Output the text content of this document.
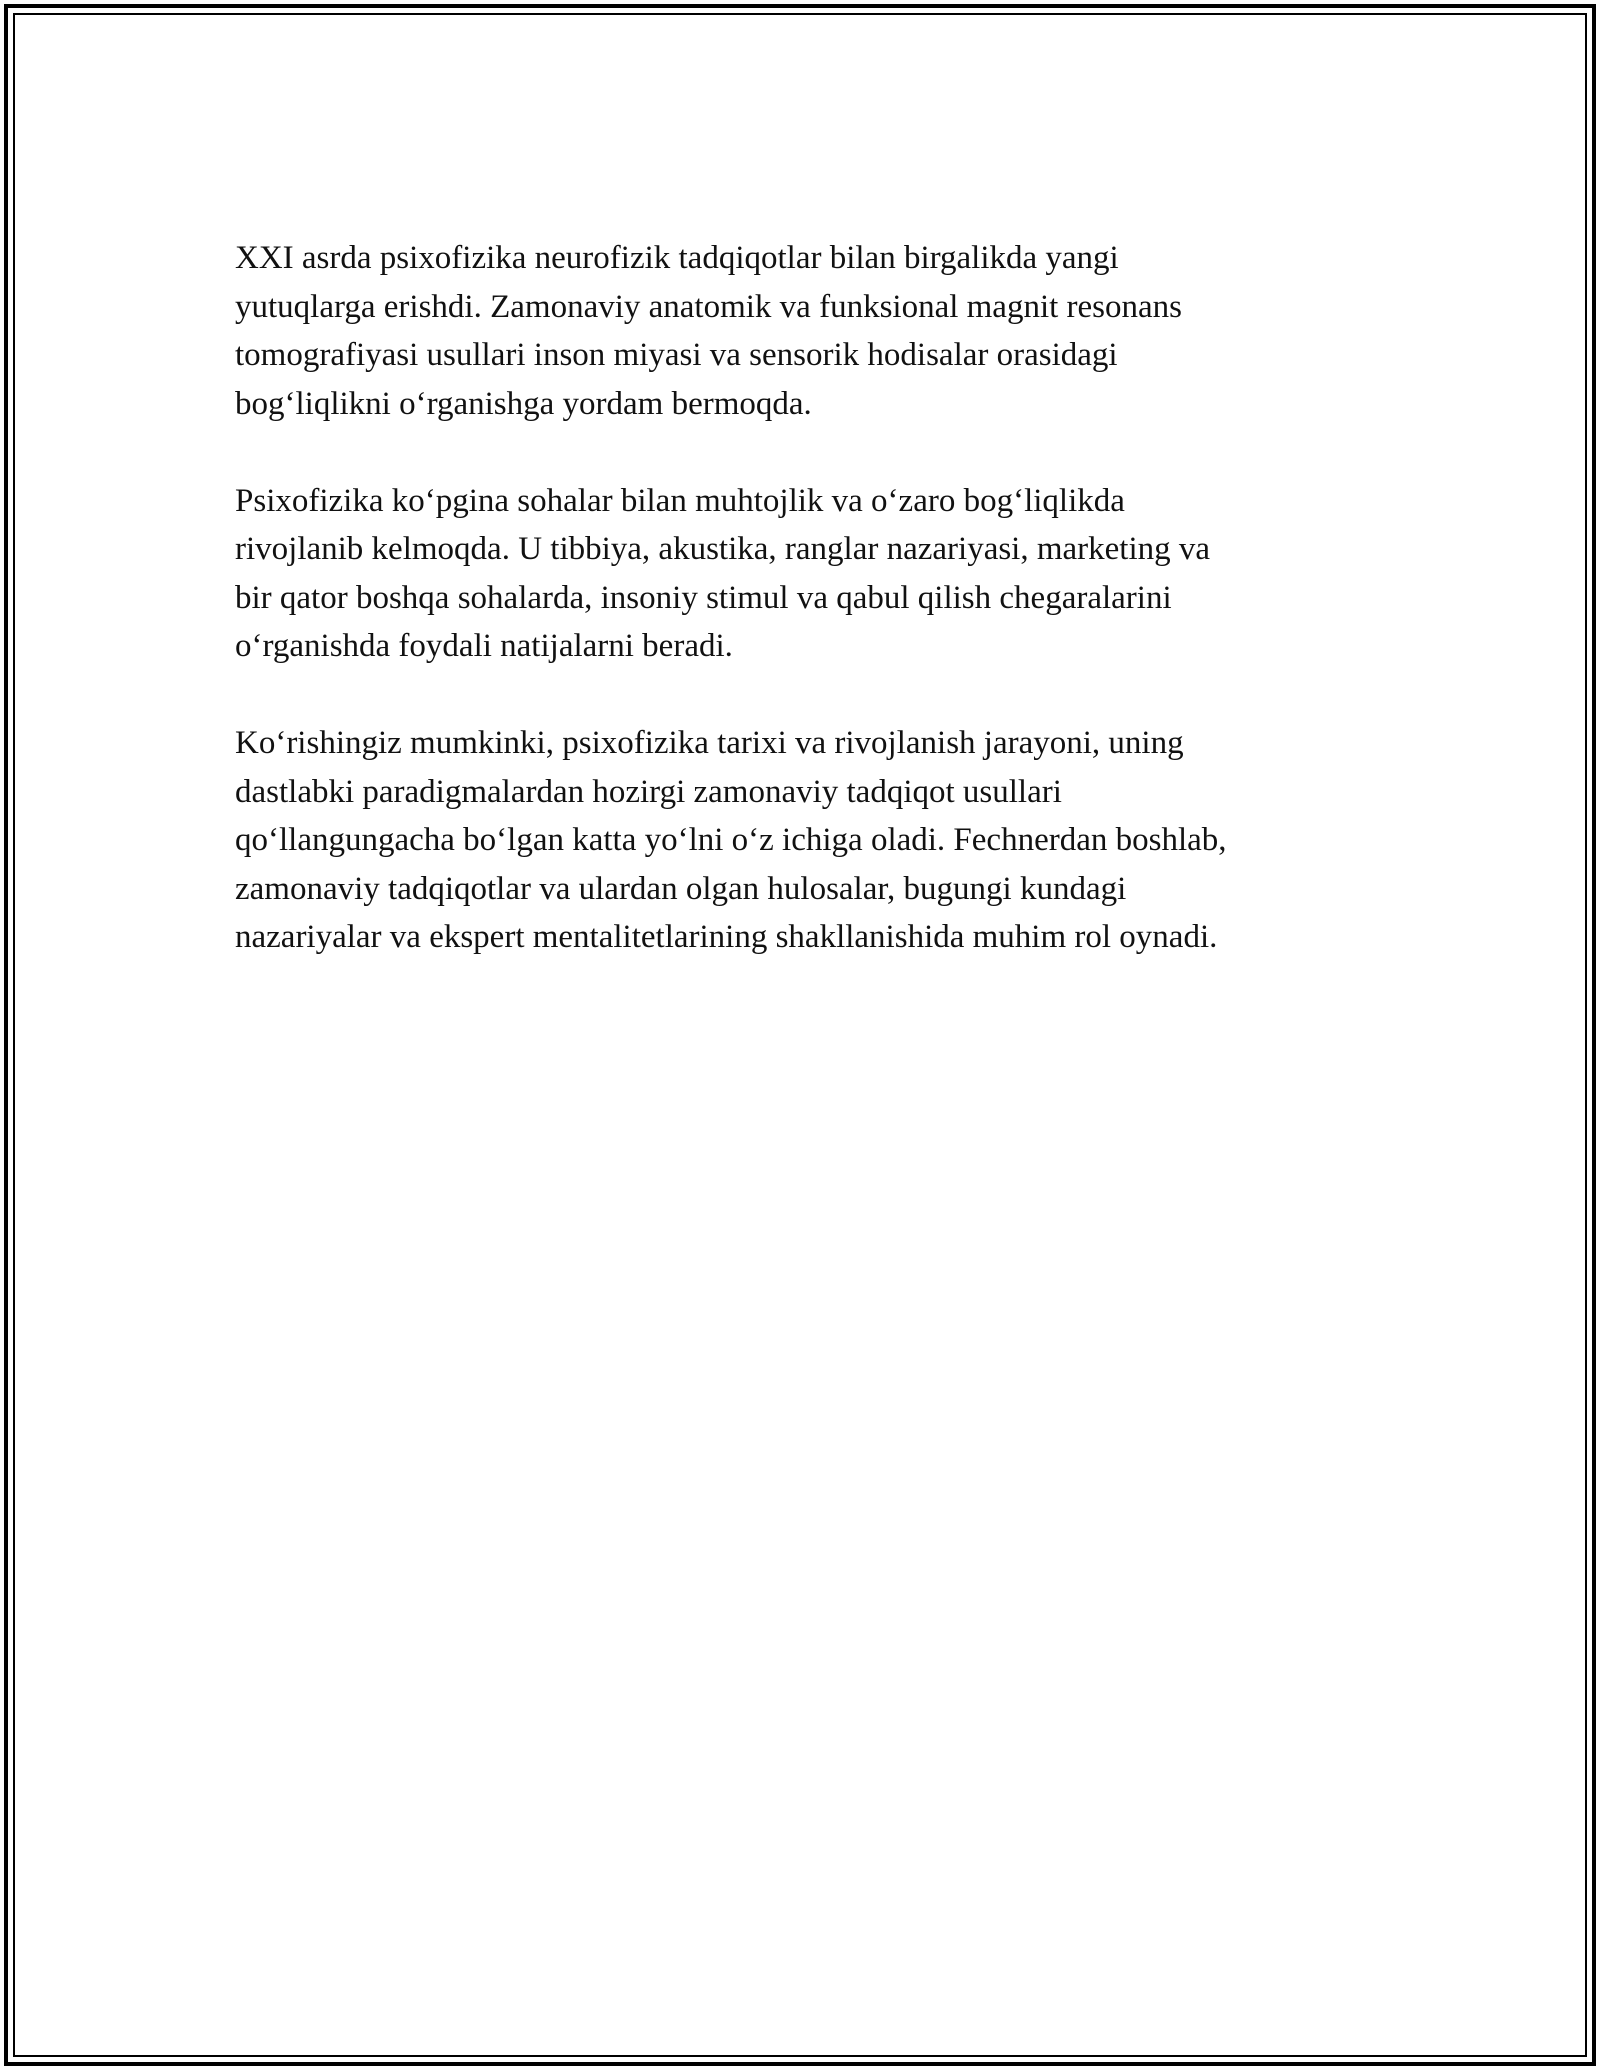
XXI asrda psixofizika neurofizik tadqiqotlar bilan birgalikda yangi
yutuqlarga erishdi. Zamonaviy anatomik va funksional magnit resonans
tomografiyasi usullari inson miyasi va sensorik hodisalar orasidagi
bog‘liqlikni o‘rganishga yordam bermoqda.

Psixofizika ko‘pgina sohalar bilan muhtojlik va o‘zaro bog‘liqlikda
rivojlanib kelmoqda. U tibbiya, akustika, ranglar nazariyasi, marketing va
bir qator boshqa sohalarda, insoniy stimul va qabul qilish chegaralarini
o‘rganishda foydali natijalarni beradi.

Ko‘rishingiz mumkinki, psixofizika tarixi va rivojlanish jarayoni, uning
dastlabki paradigmalardan hozirgi zamonaviy tadqiqot usullari
qo‘llangungacha bo‘lgan katta yo‘lni o‘z ichiga oladi. Fechnerdan boshlab,
zamonaviy tadqiqotlar va ulardan olgan hulosalar, bugungi kundagi
nazariyalar va ekspert mentalitetlarining shakllanishida muhim rol oynadi.
